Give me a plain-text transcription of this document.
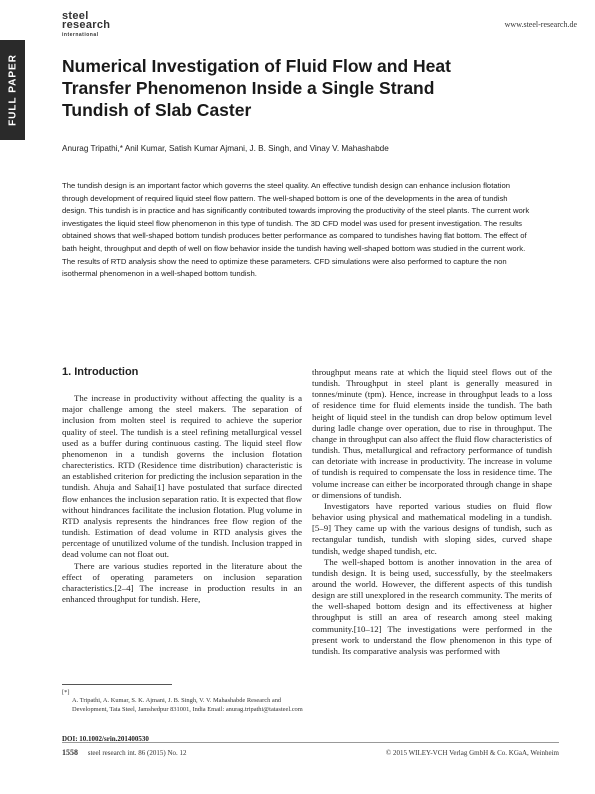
FULL PAPER
steel
research
international
www.steel-research.de
Numerical Investigation of Fluid Flow and Heat Transfer Phenomenon Inside a Single Strand Tundish of Slab Caster
Anurag Tripathi,* Anil Kumar, Satish Kumar Ajmani, J. B. Singh, and Vinay V. Mahashabde

The tundish design is an important factor which governs the steel quality. An effective tundish design can enhance inclusion flotation through development of required liquid steel flow pattern. The well-shaped bottom is one of the developments in the area of tundish design. This tundish is in practice and has significantly contributed towards improving the productivity of the steel plants. The current work investigates the liquid steel flow phenomenon in this type of tundish. The 3D CFD model was used for present investigation. The results obtained shows that well-shaped bottom tundish produces better performance as compared to tundishes having flat bottom. The effect of bath height, throughput and depth of well on flow behavior inside the tundish having well-shaped bottom was studied in the current work. The results of RTD analysis show the need to optimize these parameters. CFD simulations were also performed to capture the non isothermal phenomenon in a well-shaped bottom tundish.

1. Introduction

The increase in productivity without affecting the quality is a major challenge among the steel makers. The separation of inclusion from molten steel is required to achieve the superior quality of steel. The tundish is a steel refining metallurgical vessel used as a buffer during continuous casting. The liquid steel flow phenomenon in a tundish governs the inclusion flotation charecteristics. RTD (Residence time distribution) characteristic is an established criterion for predicting the inclusion separation in the tundish. Ahuja and Sahai[1] have postulated that surface directed flow enhances the inclusion separation ratio. It is expected that flow without hindrances facilitate the inclusion flotation. Plug volume in RTD analysis represents the hindrances free flow region of the tundish. Estimation of dead volume in RTD analysis gives the percentage of unutilized volume of the tundish. Inclusion trapped in dead volume can not float out.

There are various studies reported in the literature about the effect of operating parameters on inclusion separation characteristics.[2–4] The increase in production results in an enhanced throughput for tundish. Here,

throughput means rate at which the liquid steel flows out of the tundish. Throughput in steel plant is generally measured in tonnes/minute (tpm). Hence, increase in throughput leads to a loss of residence time for fluid elements inside the tundish. The bath height of liquid steel in the tundish can drop below optimum level during ladle change over operation, due to rise in throughput. The change in throughput can also affect the fluid flow characteristics of tundish. Thus, metallurgical and refractory performance of tundish can detoriate with increase in productivity. The increase in volume of tundish is required to compensate the loss in residence time. The volume increase can either be incorporated through change in shape or dimensions of tundish.

Investigators have reported various studies on fluid flow behavior using physical and mathematical modeling in a tundish.[5–9] They came up with the various designs of tundish, such as rectangular tundish, tundish with sloping sides, curved shape tundish, wedge shaped tundish, etc.

The well-shaped bottom is another innovation in the area of tundish design. It is being used, successfully, by the steelmakers around the world. However, the different aspects of this tundish design are still unexplored in the research community. The merits of the well-shaped bottom design and its effectiveness at higher throughput is still an area of research among steel making community.[10–12] The investigations were performed in the present work to understand the flow phenomenon in this type of tundish. Its comparative analysis was performed with

[*]
A. Tripathi, A. Kumar, S. K. Ajmani, J. B. Singh, V. V. Mahashabde Research and Development, Tata Steel, Jamshedpur 831001, India Email: anurag.tripathi@tatasteel.com
DOI: 10.1002/srin.201400530
1558 steel research int. 86 (2015) No. 12	© 2015 WILEY-VCH Verlag GmbH & Co. KGaA, Weinheim
